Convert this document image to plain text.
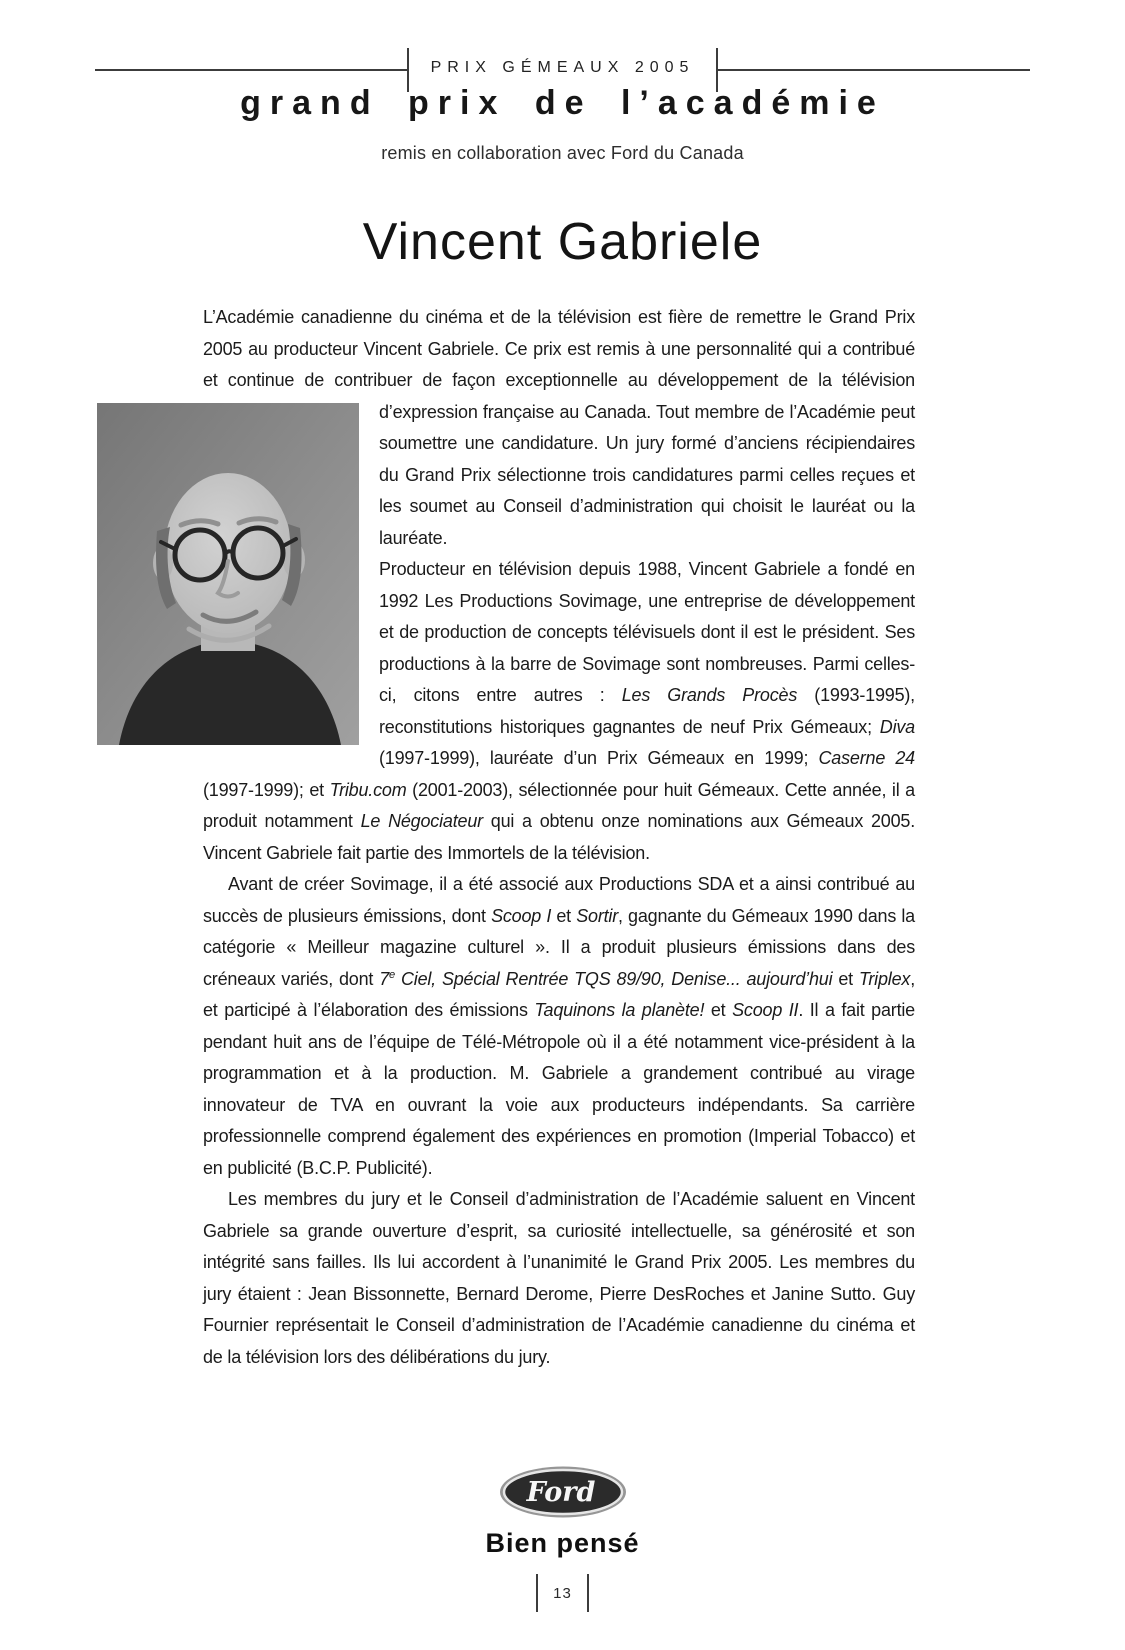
PRIX GÉMEAUX 2005
grand prix de l’académie
remis en collaboration avec Ford du Canada
Vincent Gabriele

L’Académie canadienne du cinéma et de la télévision est fière de remettre le Grand Prix 2005 au producteur Vincent Gabriele. Ce prix est remis à une personnalité qui a contribué et continue de contribuer de façon exceptionnelle au développement de la
télévision d’expression française au Canada. Tout membre de l’Académie peut soumettre une candidature. Un jury formé d’anciens récipiendaires du Grand Prix sélectionne trois candidatures parmi celles reçues et les soumet au Conseil d’administration qui choisit le lauréat ou la lauréate.

Producteur en télévision depuis 1988, Vincent Gabriele a fondé en 1992 Les Productions Sovimage, une entreprise de développement et de production de concepts télévisuels dont il est le président. Ses productions à la barre de Sovimage sont nombreuses. Parmi celles-ci, citons entre autres : Les Grands Procès (1993-1995), reconstitutions historiques gagnantes de neuf Prix Gémeaux; Diva (1997-1999), lauréate d’un Prix Gémeaux en 1999; Caserne 24 (1997-1999); et Tribu.com (2001-2003), sélectionnée pour huit Gémeaux. Cette année, il a produit notamment Le Négociateur qui a obtenu onze nominations aux Gémeaux 2005. Vincent Gabriele fait partie des Immortels de la télévision.

Avant de créer Sovimage, il a été associé aux Productions SDA et a ainsi contribué au succès de plusieurs émissions, dont Scoop I et Sortir, gagnante du Gémeaux 1990 dans la catégorie « Meilleur magazine culturel ». Il a produit plusieurs émissions dans des créneaux variés, dont 7e Ciel, Spécial Rentrée TQS 89/90, Denise... aujourd’hui et Triplex, et participé à l’élaboration des émissions Taquinons la planète! et Scoop II. Il a fait partie pendant huit ans de l’équipe de Télé-Métropole où il a été notamment vice-président à la programmation et à la production. M. Gabriele a grandement contribué au virage innovateur de TVA en ouvrant la voie aux producteurs indépendants. Sa carrière professionnelle comprend également des expériences en promotion (Imperial Tobacco) et en publicité (B.C.P. Publicité).

Les membres du jury et le Conseil d’administration de l’Académie saluent en Vincent Gabriele sa grande ouverture d’esprit, sa curiosité intellectuelle, sa générosité et son intégrité sans failles. Ils lui accordent à l’unanimité le Grand Prix 2005. Les membres du jury étaient : Jean Bissonnette, Bernard Derome, Pierre DesRoches et Janine Sutto. Guy Fournier représentait le Conseil d’administration de l’Académie canadienne du cinéma et de la télévision lors des délibérations du jury.

Ford
Bien pensé
13
